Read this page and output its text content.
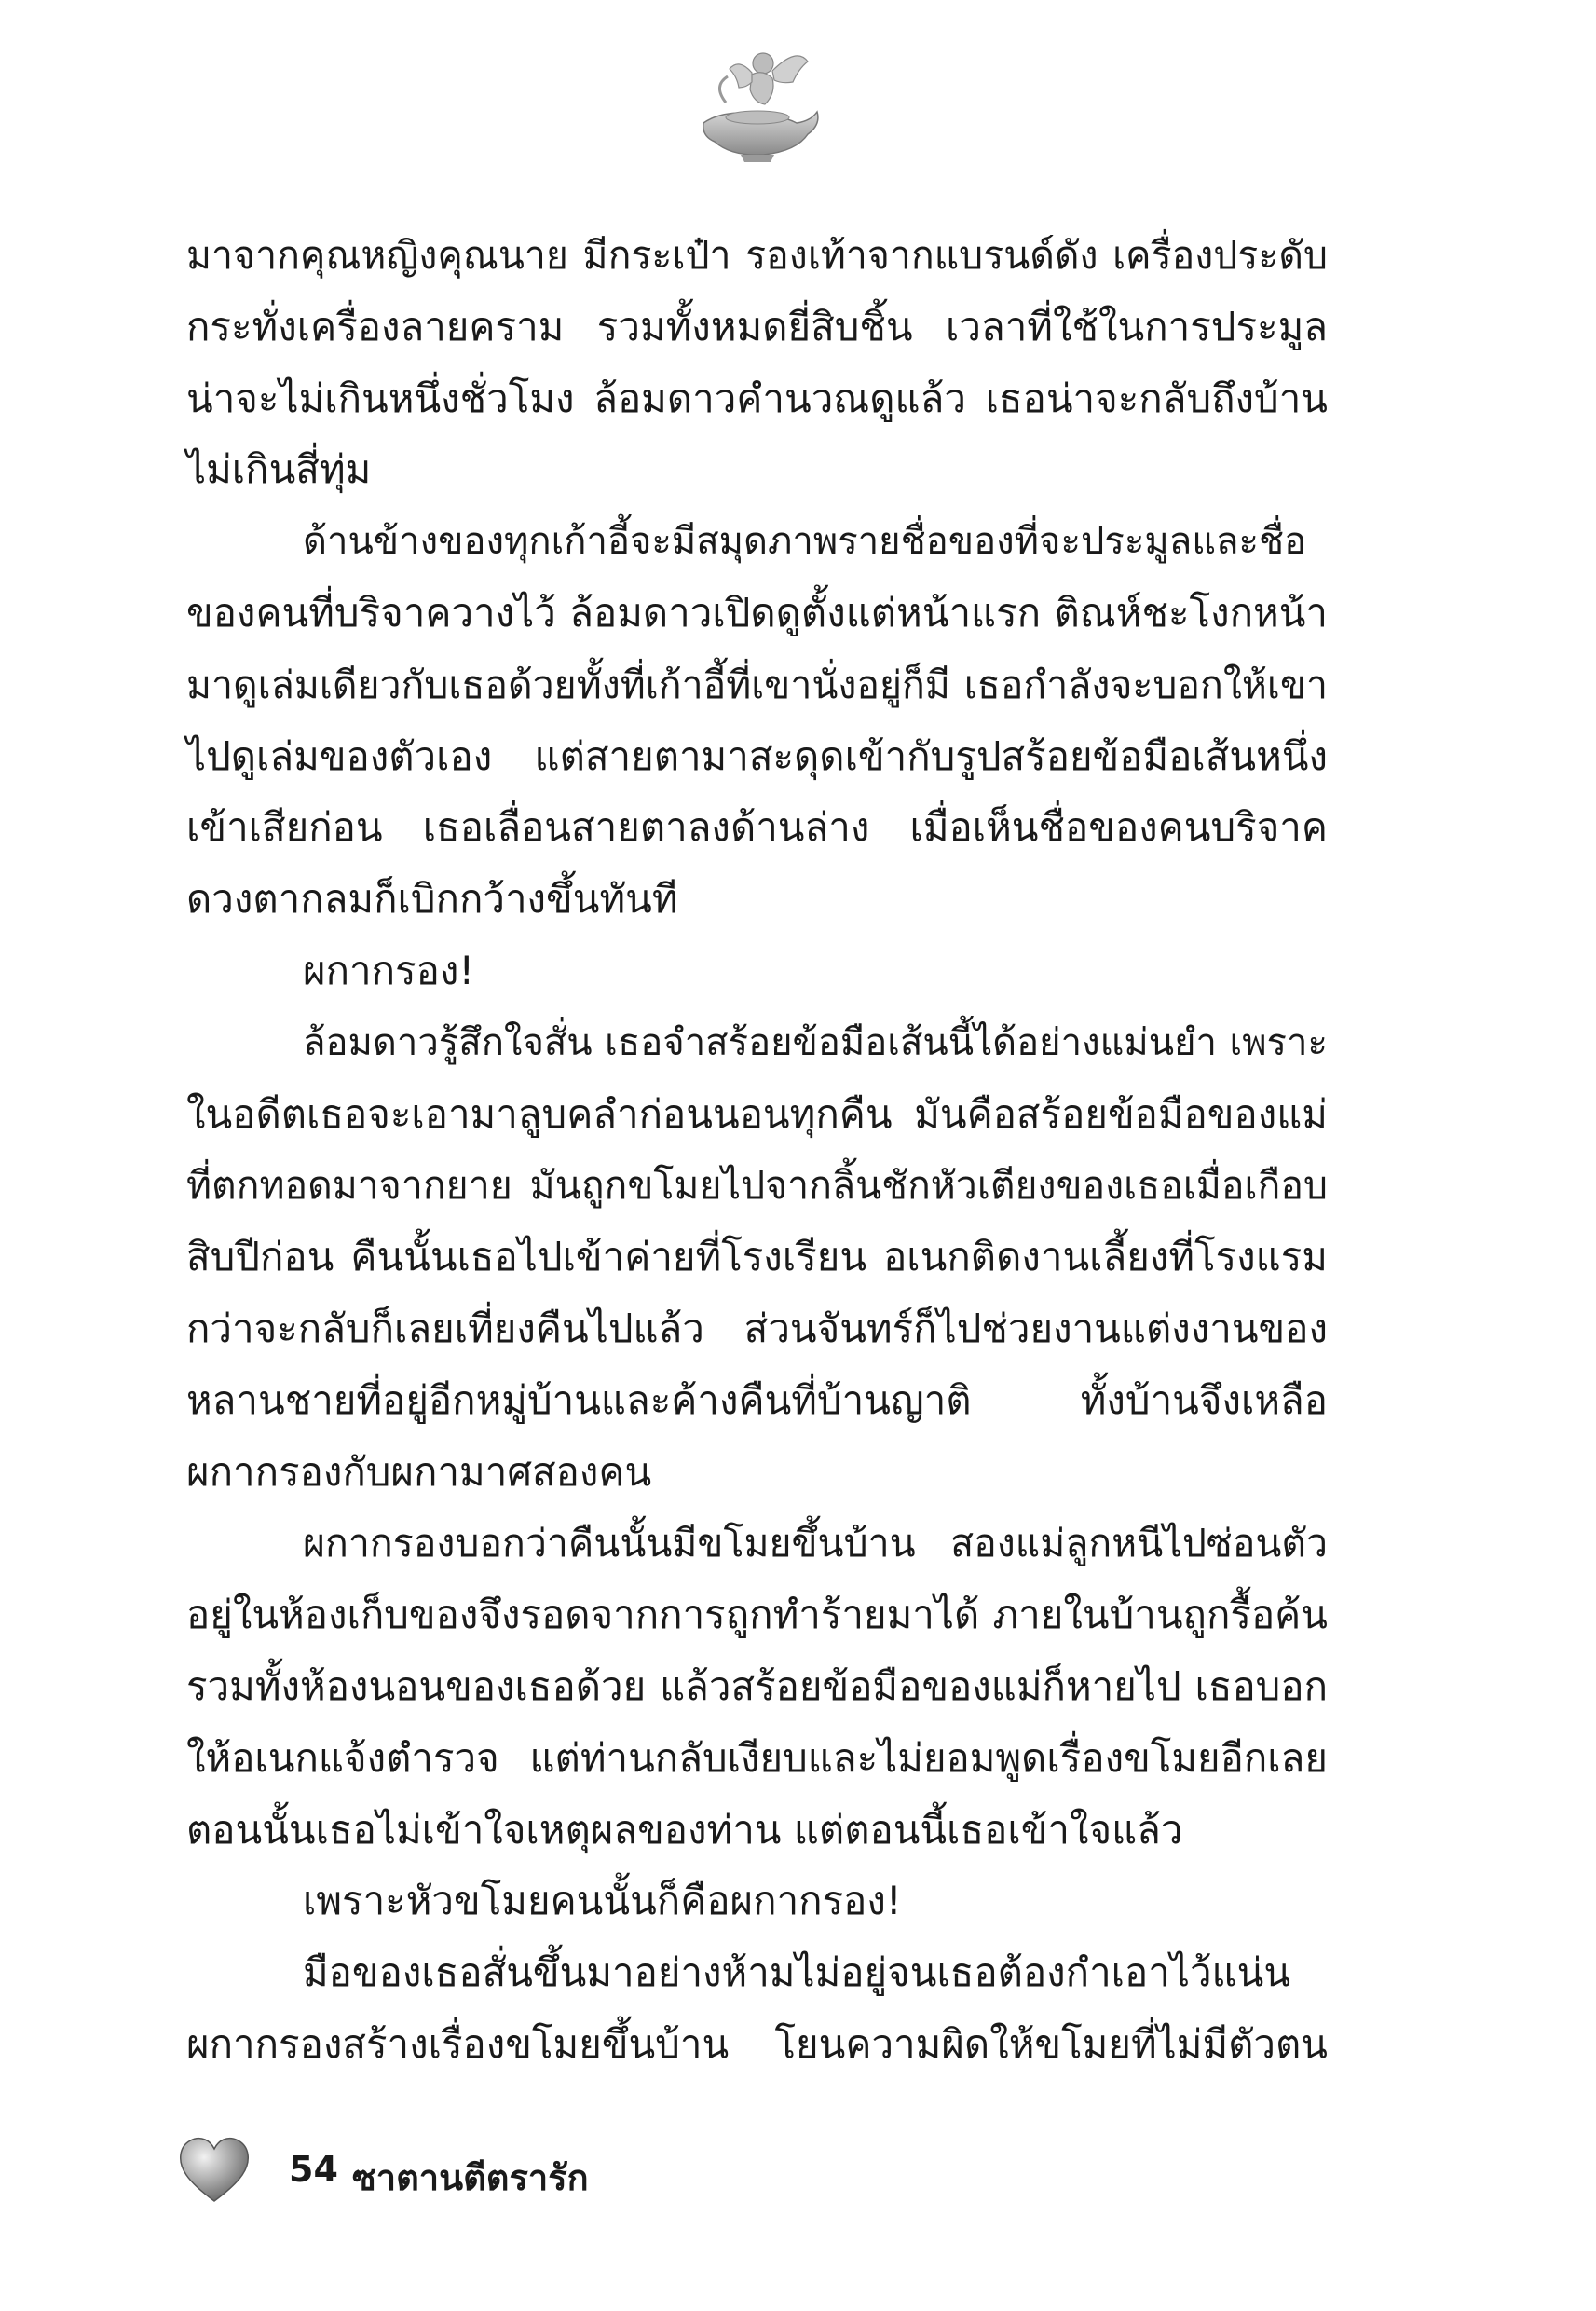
มาจากคุณหญิงคุณนาย มีกระเป๋า รองเท้าจากแบรนด์ดัง เครื่องประดับ
กระทั่งเครื่องลายคราม รวมทั้งหมดยี่สิบชิ้น เวลาที่ใช้ในการประมูล
น่าจะไม่เกินหนึ่งชั่วโมง ล้อมดาวคำนวณดูแล้ว เธอน่าจะกลับถึงบ้าน
ไม่เกินสี่ทุ่ม
ด้านข้างของทุกเก้าอี้จะมีสมุดภาพรายชื่อของที่จะประมูลและชื่อ
ของคนที่บริจาควางไว้ ล้อมดาวเปิดดูตั้งแต่หน้าแรก ติณห์ชะโงกหน้า
มาดูเล่มเดียวกับเธอด้วยทั้งที่เก้าอี้ที่เขานั่งอยู่ก็มี เธอกำลังจะบอกให้เขา
ไปดูเล่มของตัวเอง แต่สายตามาสะดุดเข้ากับรูปสร้อยข้อมือเส้นหนึ่ง
เข้าเสียก่อน เธอเลื่อนสายตาลงด้านล่าง เมื่อเห็นชื่อของคนบริจาค
ดวงตากลมก็เบิกกว้างขึ้นทันที
ผกากรอง!
ล้อมดาวรู้สึกใจสั่น เธอจำสร้อยข้อมือเส้นนี้ได้อย่างแม่นยำ เพราะ
ในอดีตเธอจะเอามาลูบคลำก่อนนอนทุกคืน มันคือสร้อยข้อมือของแม่
ที่ตกทอดมาจากยาย มันถูกขโมยไปจากลิ้นชักหัวเตียงของเธอเมื่อเกือบ
สิบปีก่อน คืนนั้นเธอไปเข้าค่ายที่โรงเรียน อเนกติดงานเลี้ยงที่โรงแรม
กว่าจะกลับก็เลยเที่ยงคืนไปแล้ว ส่วนจันทร์ก็ไปช่วยงานแต่งงานของ
หลานชายที่อยู่อีกหมู่บ้านและค้างคืนที่บ้านญาติ ทั้งบ้านจึงเหลือ
ผกากรองกับผกามาศสองคน
ผกากรองบอกว่าคืนนั้นมีขโมยขึ้นบ้าน สองแม่ลูกหนีไปซ่อนตัว
อยู่ในห้องเก็บของจึงรอดจากการถูกทำร้ายมาได้ ภายในบ้านถูกรื้อค้น
รวมทั้งห้องนอนของเธอด้วย แล้วสร้อยข้อมือของแม่ก็หายไป เธอบอก
ให้อเนกแจ้งตำรวจ แต่ท่านกลับเงียบและไม่ยอมพูดเรื่องขโมยอีกเลย
ตอนนั้นเธอไม่เข้าใจเหตุผลของท่าน แต่ตอนนี้เธอเข้าใจแล้ว
เพราะหัวขโมยคนนั้นก็คือผกากรอง!
มือของเธอสั่นขึ้นมาอย่างห้ามไม่อยู่จนเธอต้องกำเอาไว้แน่น
ผกากรองสร้างเรื่องขโมยขึ้นบ้าน โยนความผิดให้ขโมยที่ไม่มีตัวตน
54 ซาตานตีตรารัก
